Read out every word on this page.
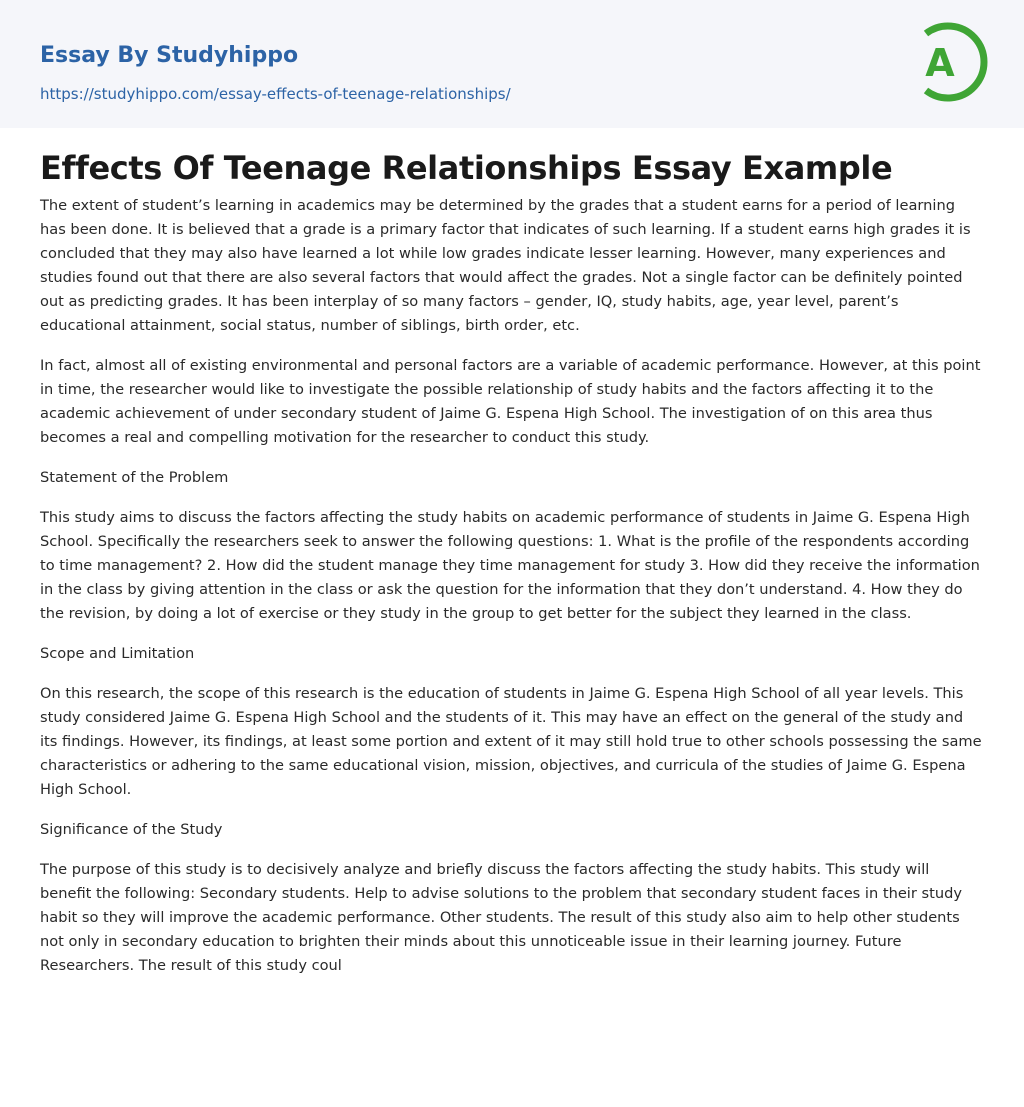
Essay By Studyhippo
https://studyhippo.com/essay-effects-of-teenage-relationships/
A
Effects Of Teenage Relationships Essay Example

The extent of student’s learning in academics may be determined by the grades that a student earns for a period of learning has been done. It is believed that a grade is a primary factor that indicates of such learning. If a student earns high grades it is concluded that they may also have learned a lot while low grades indicate lesser learning. However, many experiences and studies found out that there are also several factors that would affect the grades. Not a single factor can be definitely pointed out as predicting grades. It has been interplay of so many factors – gender, IQ, study habits, age, year level, parent’s educational attainment, social status, number of siblings, birth order, etc.

In fact, almost all of existing environmental and personal factors are a variable of academic performance. However, at this point in time, the researcher would like to investigate the possible relationship of study habits and the factors affecting it to the academic achievement of under secondary student of Jaime G. Espena High School. The investigation of on this area thus becomes a real and compelling motivation for the researcher to conduct this study.

Statement of the Problem

This study aims to discuss the factors affecting the study habits on academic performance of students in Jaime G. Espena High School. Specifically the researchers seek to answer the following questions: 1. What is the profile of the respondents according to time management? 2. How did the student manage they time management for study 3. How did they receive the information in the class by giving attention in the class or ask the question for the information that they don’t understand. 4. How they do the revision, by doing a lot of exercise or they study in the group to get better for the subject they learned in the class.

Scope and Limitation

On this research, the scope of this research is the education of students in Jaime G. Espena High School of all year levels. This study considered Jaime G. Espena High School and the students of it. This may have an effect on the general of the study and its findings. However, its findings, at least some portion and extent of it may still hold true to other schools possessing the same characteristics or adhering to the same educational vision, mission, objectives, and curricula of the studies of Jaime G. Espena High School.

Significance of the Study

The purpose of this study is to decisively analyze and briefly discuss the factors affecting the study habits. This study will benefit the following: Secondary students. Help to advise solutions to the problem that secondary student faces in their study habit so they will improve the academic performance. Other students. The result of this study also aim to help other students not only in secondary education to brighten their minds about this unnoticeable issue in their learning journey. Future Researchers. The result of this study coul
